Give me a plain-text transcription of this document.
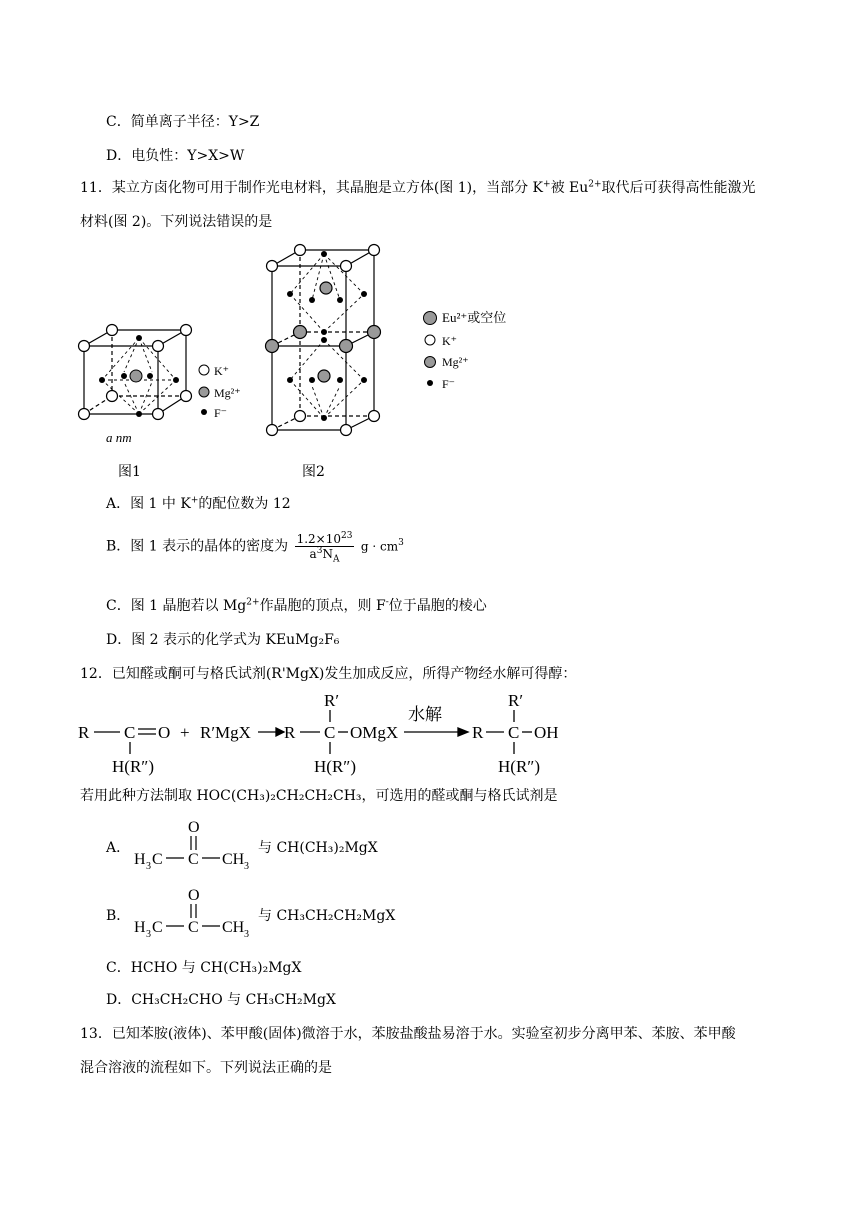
C．简单离子半径：Y>Z
D．电负性：Y>X>W
11．某立方卤化物可用于制作光电材料，其晶胞是立方体(图 1)，当部分 K+被 $Eu^{2+}$取代后可获得高性能激光
材料(图 2)。下列说法错误的是
K⁺
Mg²⁺
F⁻
a nm
图1
Eu²⁺或空位
K⁺
Mg²⁺
F⁻
图2
A．图 1 中 K+的配位数为 12
B．图 1 表示的晶体的密度为 $\frac{1.2\times 10^{23}}{a^3N_A}$ $g \cdot cm^3$
C．图 1 晶胞若以 $Mg^{2+}$作晶胞的顶点，则 F-位于晶胞的棱心
D．图 2 表示的化学式为 KEuMg₂F₆
12．已知醛或酮可与格氏试剂(R'MgX)发生加成反应，所得产物经水解可得醇：
R C O + R′MgX R
R′
C OMgX	R
R′
C OH
H(R″)	H(R″)	H(R″)
水解
若用此种方法制取 HOC(CH₃)₂CH₂CH₂CH₃，可选用的醛或酮与格氏试剂是
A．
O
H 3 C C CH 3
与 CH(CH₃)₂MgX
B．
O
H 3 C C CH 3
与 CH₃CH₂CH₂MgX
C．HCHO 与 CH(CH₃)₂MgX
D．CH₃CH₂CHO 与 CH₃CH₂MgX
13．已知苯胺(液体)、苯甲酸(固体)微溶于水，苯胺盐酸盐易溶于水。实验室初步分离甲苯、苯胺、苯甲酸
混合溶液的流程如下。下列说法正确的是
